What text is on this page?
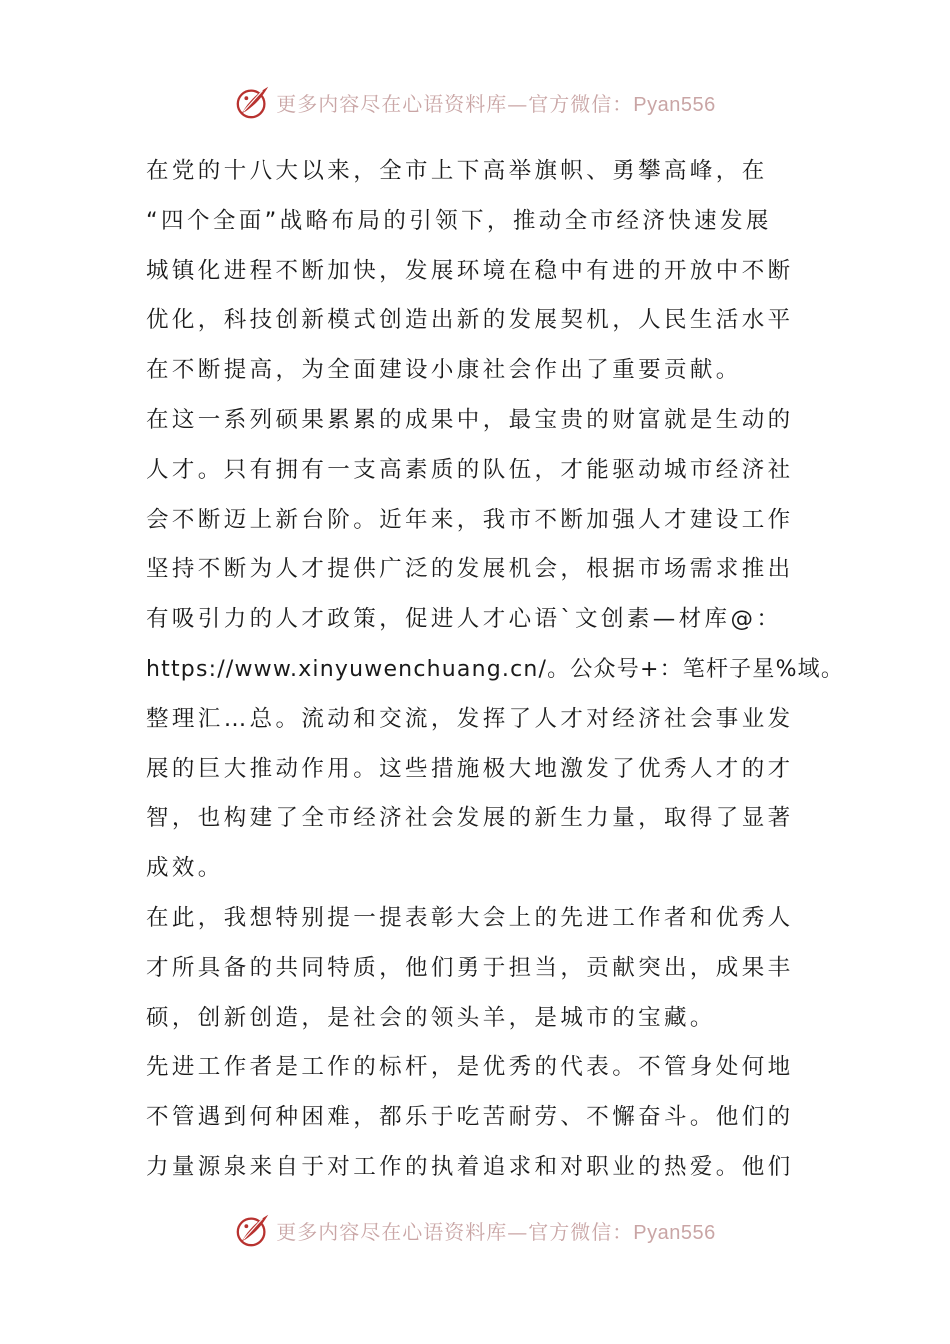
更多内容尽在心语资料库—官方微信：Pyan556
在党的十八大以来，全市上下高举旗帜、勇攀高峰，在
“四个全面”战略布局的引领下，推动全市经济快速发展
城镇化进程不断加快，发展环境在稳中有进的开放中不断
优化，科技创新模式创造出新的发展契机，人民生活水平
在不断提高，为全面建设小康社会作出了重要贡献。
在这一系列硕果累累的成果中，最宝贵的财富就是生动的
人才。只有拥有一支高素质的队伍，才能驱动城市经济社
会不断迈上新台阶。近年来，我市不断加强人才建设工作
坚持不断为人才提供广泛的发展机会，根据市场需求推出
有吸引力的人才政策，促进人才心语`文创素—材库@：
https://www.xinyuwenchuang.cn/。公众号+：笔杆子星%域。
整理汇…总。流动和交流，发挥了人才对经济社会事业发
展的巨大推动作用。这些措施极大地激发了优秀人才的才
智，也构建了全市经济社会发展的新生力量，取得了显著
成效。
在此，我想特别提一提表彰大会上的先进工作者和优秀人
才所具备的共同特质，他们勇于担当，贡献突出，成果丰
硕，创新创造，是社会的领头羊，是城市的宝藏。
先进工作者是工作的标杆，是优秀的代表。不管身处何地
不管遇到何种困难，都乐于吃苦耐劳、不懈奋斗。他们的
力量源泉来自于对工作的执着追求和对职业的热爱。他们
更多内容尽在心语资料库—官方微信：Pyan556
